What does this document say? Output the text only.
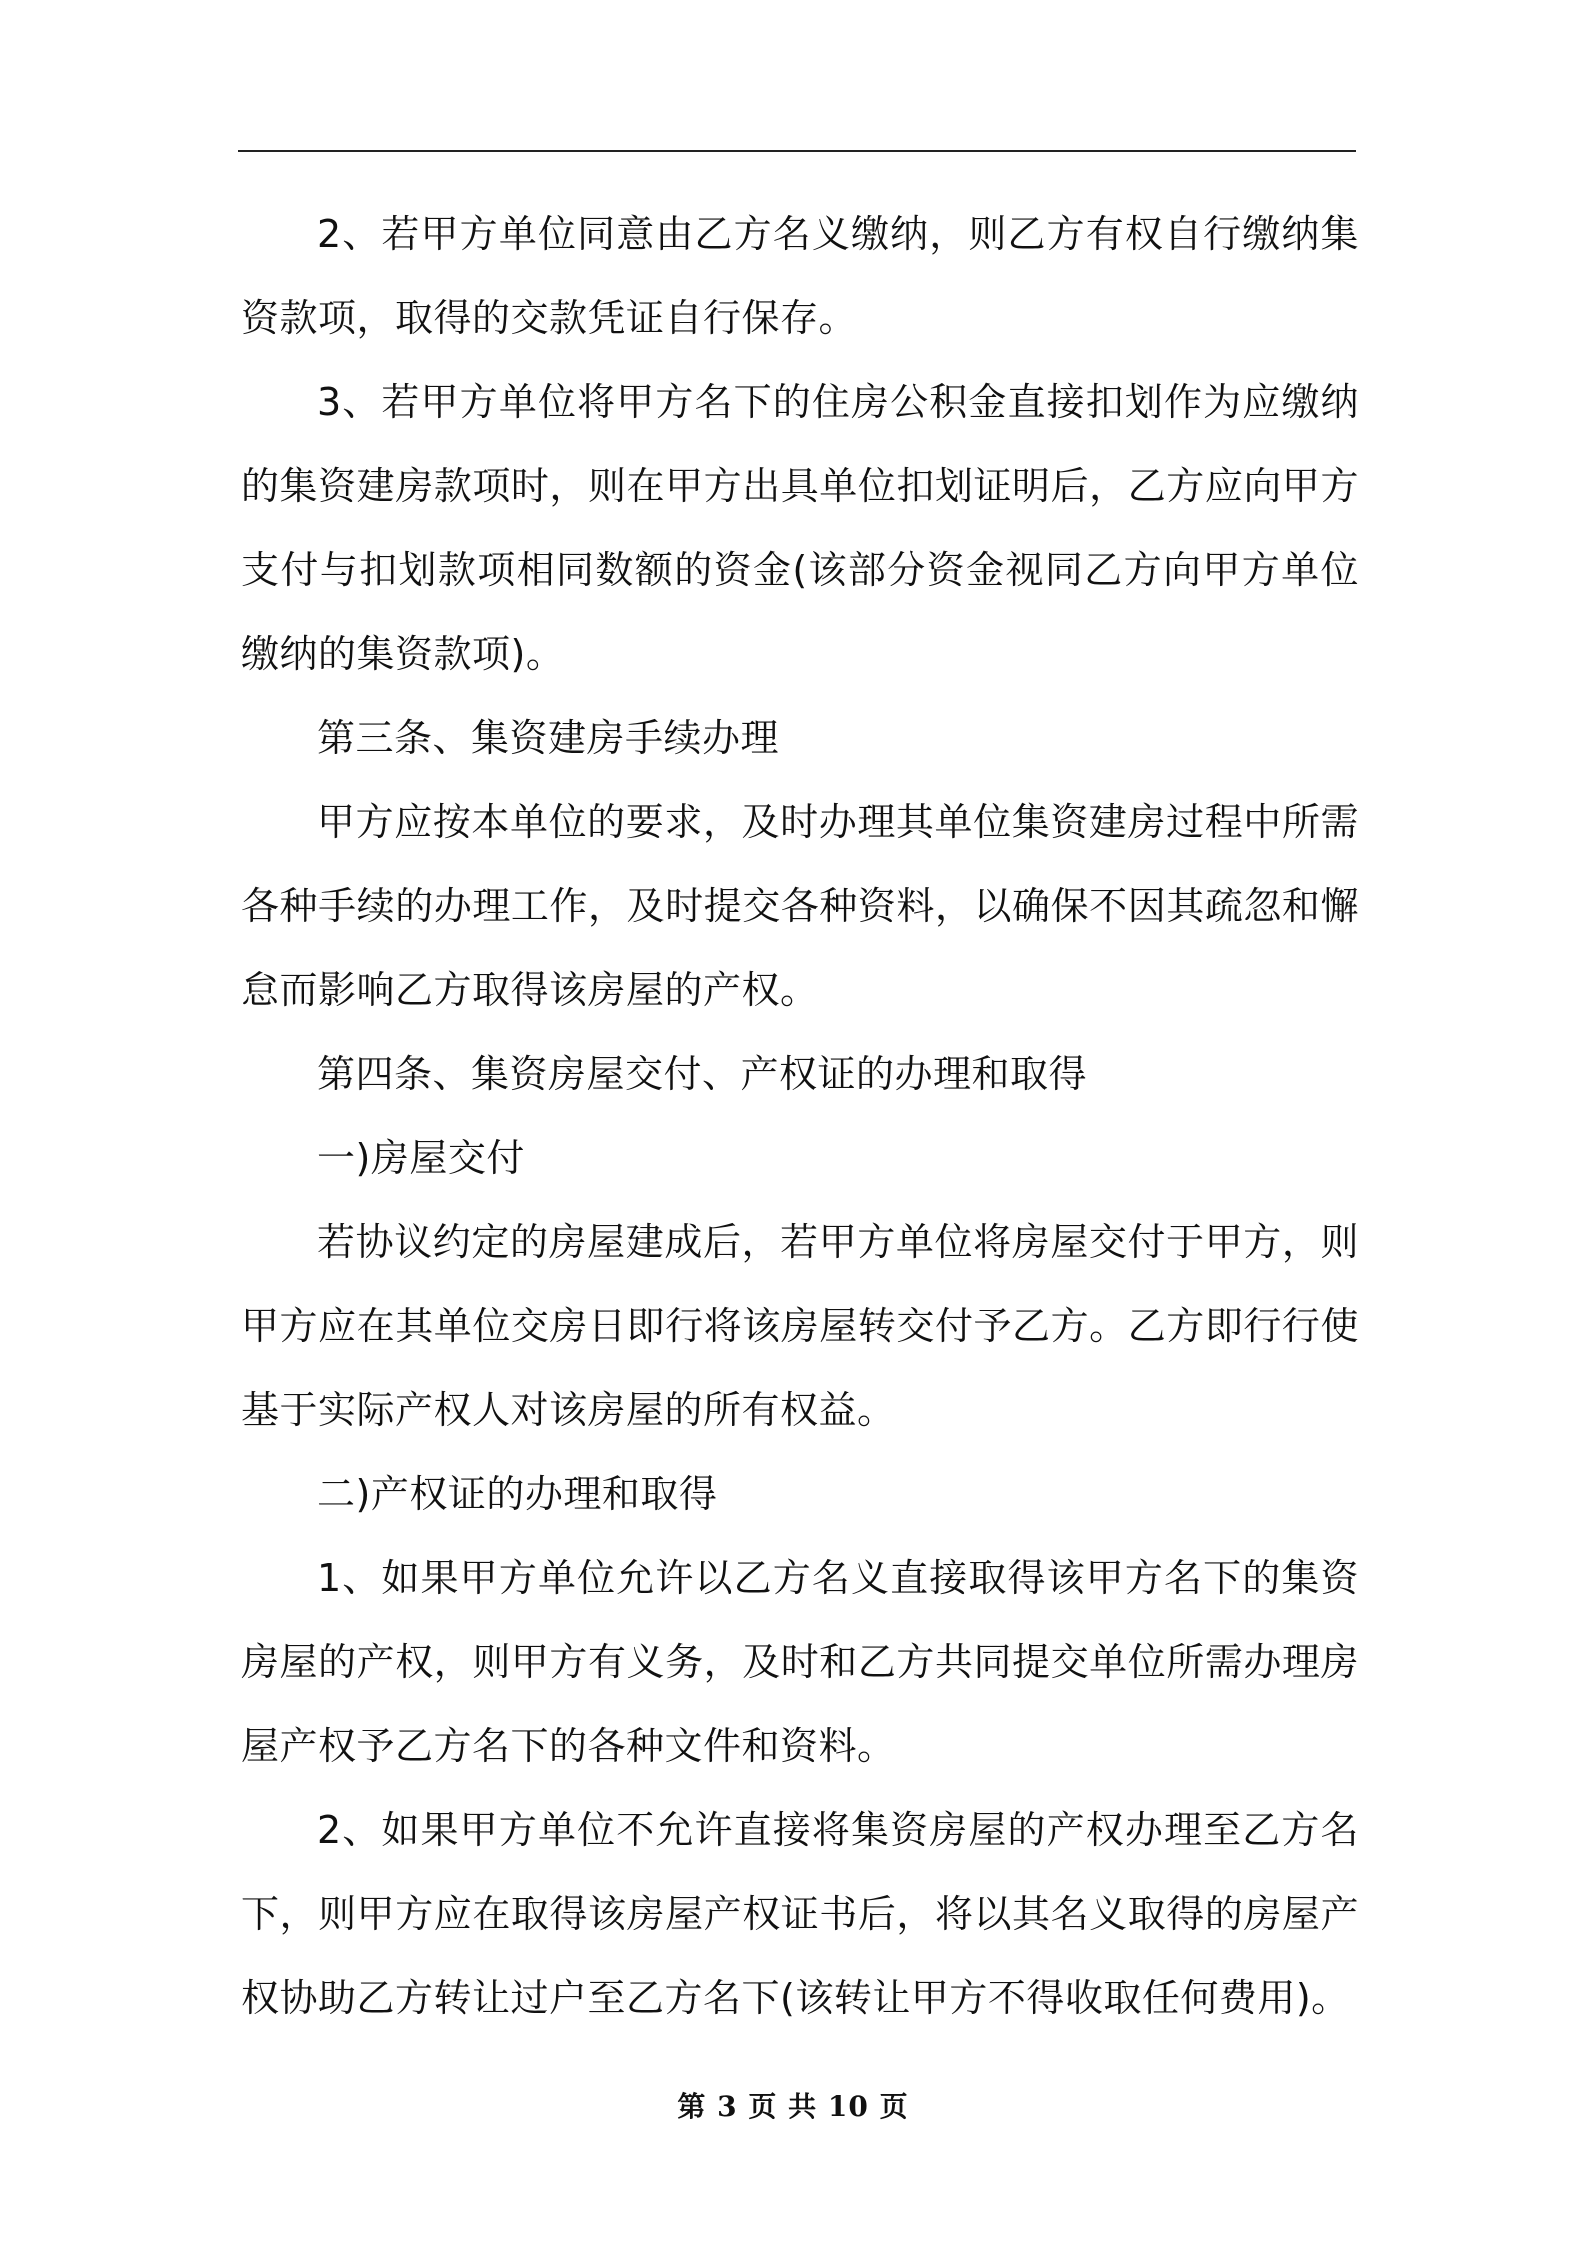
2、若甲方单位同意由乙方名义缴纳，则乙方有权自行缴纳集资款项，取得的交款凭证自行保存。

3、若甲方单位将甲方名下的住房公积金直接扣划作为应缴纳的集资建房款项时，则在甲方出具单位扣划证明后，乙方应向甲方支付与扣划款项相同数额的资金(该部分资金视同乙方向甲方单位缴纳的集资款项)。

第三条、集资建房手续办理

甲方应按本单位的要求，及时办理其单位集资建房过程中所需各种手续的办理工作，及时提交各种资料，以确保不因其疏忽和懈怠而影响乙方取得该房屋的产权。

第四条、集资房屋交付、产权证的办理和取得

一)房屋交付

若协议约定的房屋建成后，若甲方单位将房屋交付于甲方，则甲方应在其单位交房日即行将该房屋转交付予乙方。乙方即行行使基于实际产权人对该房屋的所有权益。

二)产权证的办理和取得

1、如果甲方单位允许以乙方名义直接取得该甲方名下的集资房屋的产权，则甲方有义务，及时和乙方共同提交单位所需办理房屋产权予乙方名下的各种文件和资料。

2、如果甲方单位不允许直接将集资房屋的产权办理至乙方名下，则甲方应在取得该房屋产权证书后，将以其名义取得的房屋产权协助乙方转让过户至乙方名下(该转让甲方不得收取任何费用)。

第 3 页 共 10 页
